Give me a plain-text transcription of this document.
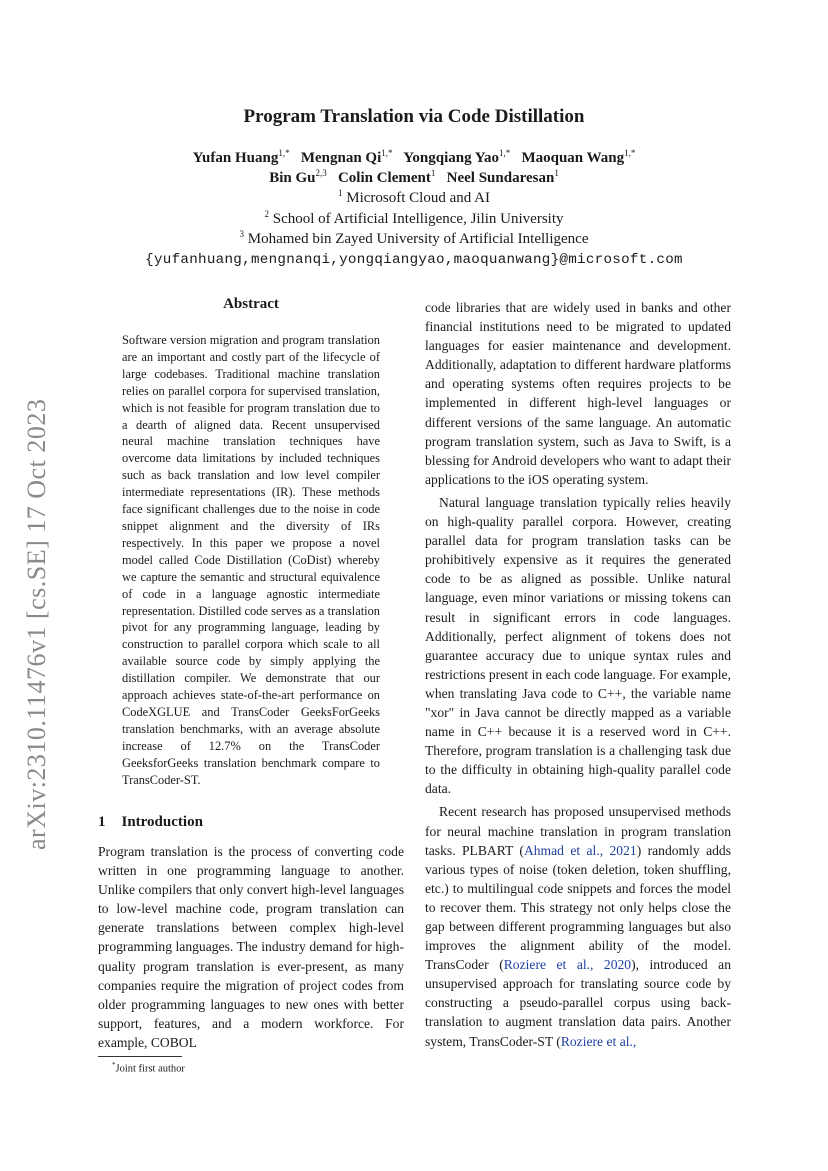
arXiv:2310.11476v1 [cs.SE] 17 Oct 2023
Program Translation via Code Distillation
Yufan Huang$^{1,*}$ Mengnan $Qi^{1,*}$ Yongqiang Yao$^{1,*}$ Maoquan Wang$^{1,*}$
Bin Gu$^{2,3}$ Colin Clement$^1$ Neel Sundaresan$^1$
$^1$ Microsoft Cloud and AI
$^2$ School of Artificial Intelligence, Jilin University
$^3$ Mohamed bin Zayed University of Artificial Intelligence
{yufanhuang,mengnanqi,yongqiangyao,maoquanwang}@microsoft.com
Abstract
Software version migration and program translation are an important and costly part of the lifecycle of large codebases. Traditional machine translation relies on parallel corpora for supervised translation, which is not feasible for program translation due to a dearth of aligned data. Recent unsupervised neural machine translation techniques have overcome data limitations by included techniques such as back translation and low level compiler intermediate representations (IR). These methods face significant challenges due to the noise in code snippet alignment and the diversity of IRs respectively. In this paper we propose a novel model called Code Distillation (CoDist) whereby we capture the semantic and structural equivalence of code in a language agnostic intermediate representation. Distilled code serves as a translation pivot for any programming language, leading by construction to parallel corpora which scale to all available source code by simply applying the distillation compiler. We demonstrate that our approach achieves state-of-the-art performance on CodeXGLUE and TransCoder GeeksForGeeks translation benchmarks, with an average absolute increase of 12.7% on the TransCoder GeeksforGeeks translation benchmark compare to TransCoder-ST.
1 Introduction
Program translation is the process of converting code written in one programming language to another. Unlike compilers that only convert high-level languages to low-level machine code, program translation can generate translations between complex high-level programming languages. The industry demand for high-quality program translation is ever-present, as many companies require the migration of project codes from older programming languages to new ones with better support, features, and a modern workforce. For example, COBOL
*Joint first author

code libraries that are widely used in banks and other financial institutions need to be migrated to updated languages for easier maintenance and development. Additionally, adaptation to different hardware platforms and operating systems often requires projects to be implemented in different high-level languages or different versions of the same language. An automatic program translation system, such as Java to Swift, is a blessing for Android developers who want to adapt their applications to the iOS operating system.

Natural language translation typically relies heavily on high-quality parallel corpora. However, creating parallel data for program translation tasks can be prohibitively expensive as it requires the generated code to be as aligned as possible. Unlike natural language, even minor variations or missing tokens can result in significant errors in code languages. Additionally, perfect alignment of tokens does not guarantee accuracy due to unique syntax rules and restrictions present in each code language. For example, when translating Java code to C++, the variable name "xor" in Java cannot be directly mapped as a variable name in C++ because it is a reserved word in C++. Therefore, program translation is a challenging task due to the difficulty in obtaining high-quality parallel code data.

Recent research has proposed unsupervised methods for neural machine translation in program translation tasks. PLBART (Ahmad et al., 2021) randomly adds various types of noise (token deletion, token shuffling, etc.) to multilingual code snippets and forces the model to recover them. This strategy not only helps close the gap between different programming languages but also improves the alignment ability of the model. TransCoder (Roziere et al., 2020), introduced an unsupervised approach for translating source code by constructing a pseudo-parallel corpus using back-translation to augment translation data pairs. Another system, TransCoder-ST (Roziere et al.,
